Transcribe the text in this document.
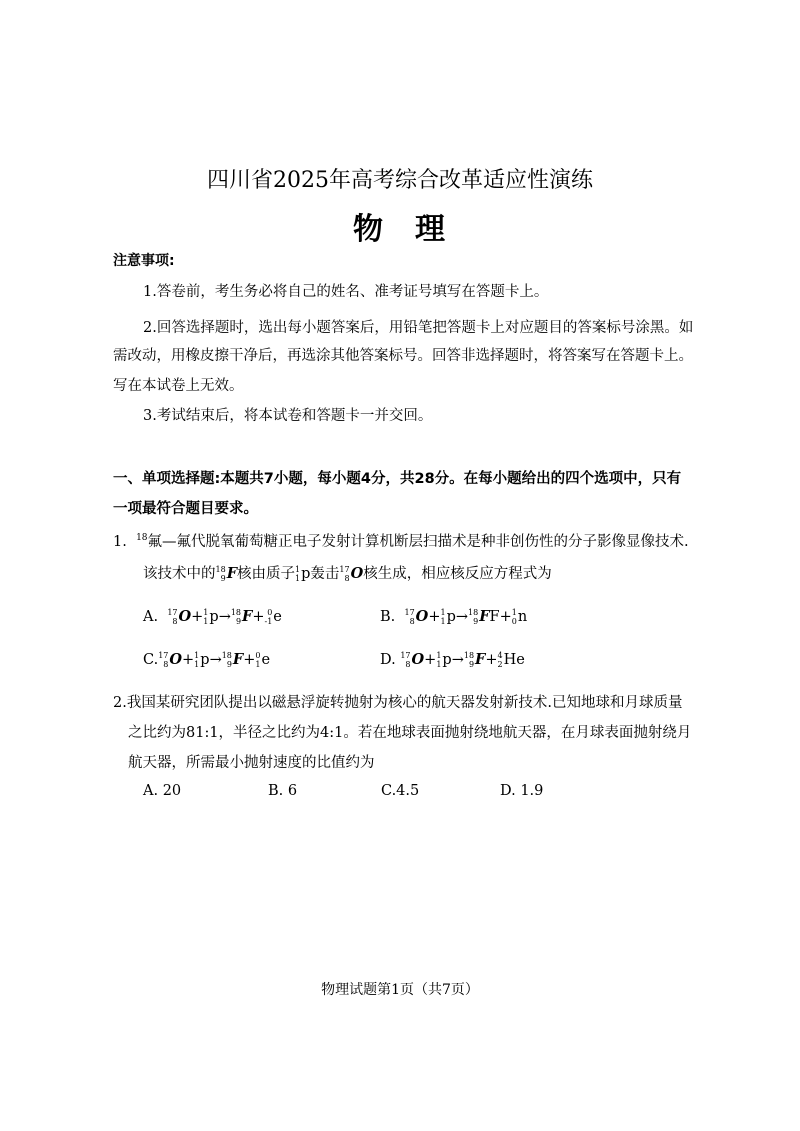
四川省2025年高考综合改革适应性演练
物 理
注意事项:
1.答卷前，考生务必将自己的姓名、准考证号填写在答题卡上。
2.回答选择题时，选出每小题答案后，用铅笔把答题卡上对应题目的答案标号涂黑。如
需改动，用橡皮擦干净后，再选涂其他答案标号。回答非选择题时，将答案写在答题卡上。
写在本试卷上无效。
3.考试结束后，将本试卷和答题卡一并交回。
一、单项选择题:本题共7小题，每小题4分，共28分。在每小题给出的四个选项中，只有
一项最符合题目要求。
1. $^{18}$氟—氟代脱氧葡萄糖正电子发射计算机断层扫描术是种非创伤性的分子影像显像技术.
该技术中的 18
9 F核由质子 1
1 p轰击 17
8 O核生成，相应核反应方程式为
A. 17
8 O+ 1
1 p→ 18
9 F+ 0
-1 e	B. 17
8 O+ 1
1 p→ 18
9 FF+ 1
0 n
C. 17
8 O+ 1
1 p→ 18
9 F+ 0
1 e	D. 17
8 O+ 1
1 p→ 18
9 F+ 4
2 He
2.我国某研究团队提出以磁悬浮旋转抛射为核心的航天器发射新技术.已知地球和月球质量
之比约为81:1，半径之比约为4:1。若在地球表面抛射绕地航天器，在月球表面抛射绕月
航天器，所需最小抛射速度的比值约为
A. 20	B. 6	C.4.5	D. 1.9
物理试题第1页（共7页）
